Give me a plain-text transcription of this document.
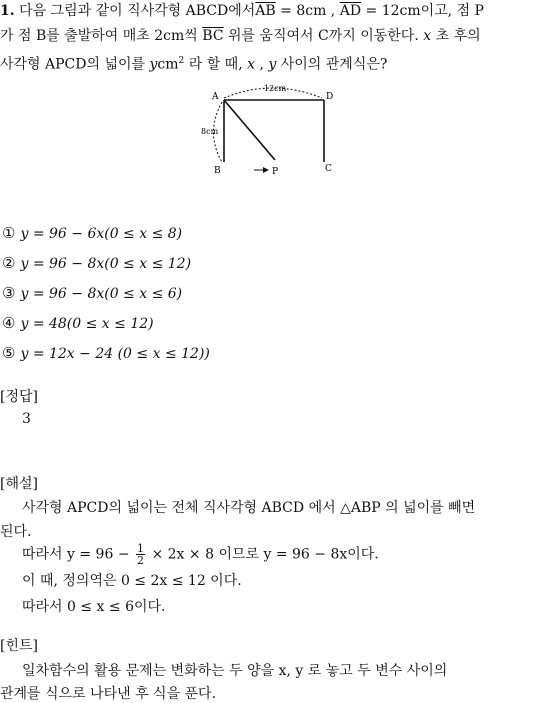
1. 다음 그림과 같이 직사각형 ABCD에서$\overline{AB} = 8cm$ , $\overline{AD} = 12cm$이고, 점 P
가 점 B를 출발하여 매초 2cm씩 $\overline{BC}$ 위를 움직여서 C까지 이동한다. x 초 후의
사각형 APCD의 넓이를 ycm$^2$ 라 할 때, x , y 사이의 관계식은?
A	D
B	P	C
12cm
8cm
① y = 96 − 6x(0 ≤ x ≤ 8)
② y = 96 − 8x(0 ≤ x ≤ 12)
③ y = 96 − 8x(0 ≤ x ≤ 6)
④ y = 48(0 ≤ x ≤ 12)
⑤ y = 12x − 24 (0 ≤ x ≤ 12))
[정답]
3
[해설]
사각형 APCD의 넓이는 전체 직사각형 ABCD 에서 △ABP 의 넓이를 빼면
된다.
따라서 $y = 96 - \frac{1}{2} \times 2x \times 8$ 이므로 y = 96 − 8x이다.
이 때, 정의역은 0 ≤ 2x ≤ 12 이다.
따라서 0 ≤ x ≤ 6이다.
[힌트]
일차함수의 활용 문제는 변화하는 두 양을 x, y 로 놓고 두 변수 사이의
관계를 식으로 나타낸 후 식을 푼다.
